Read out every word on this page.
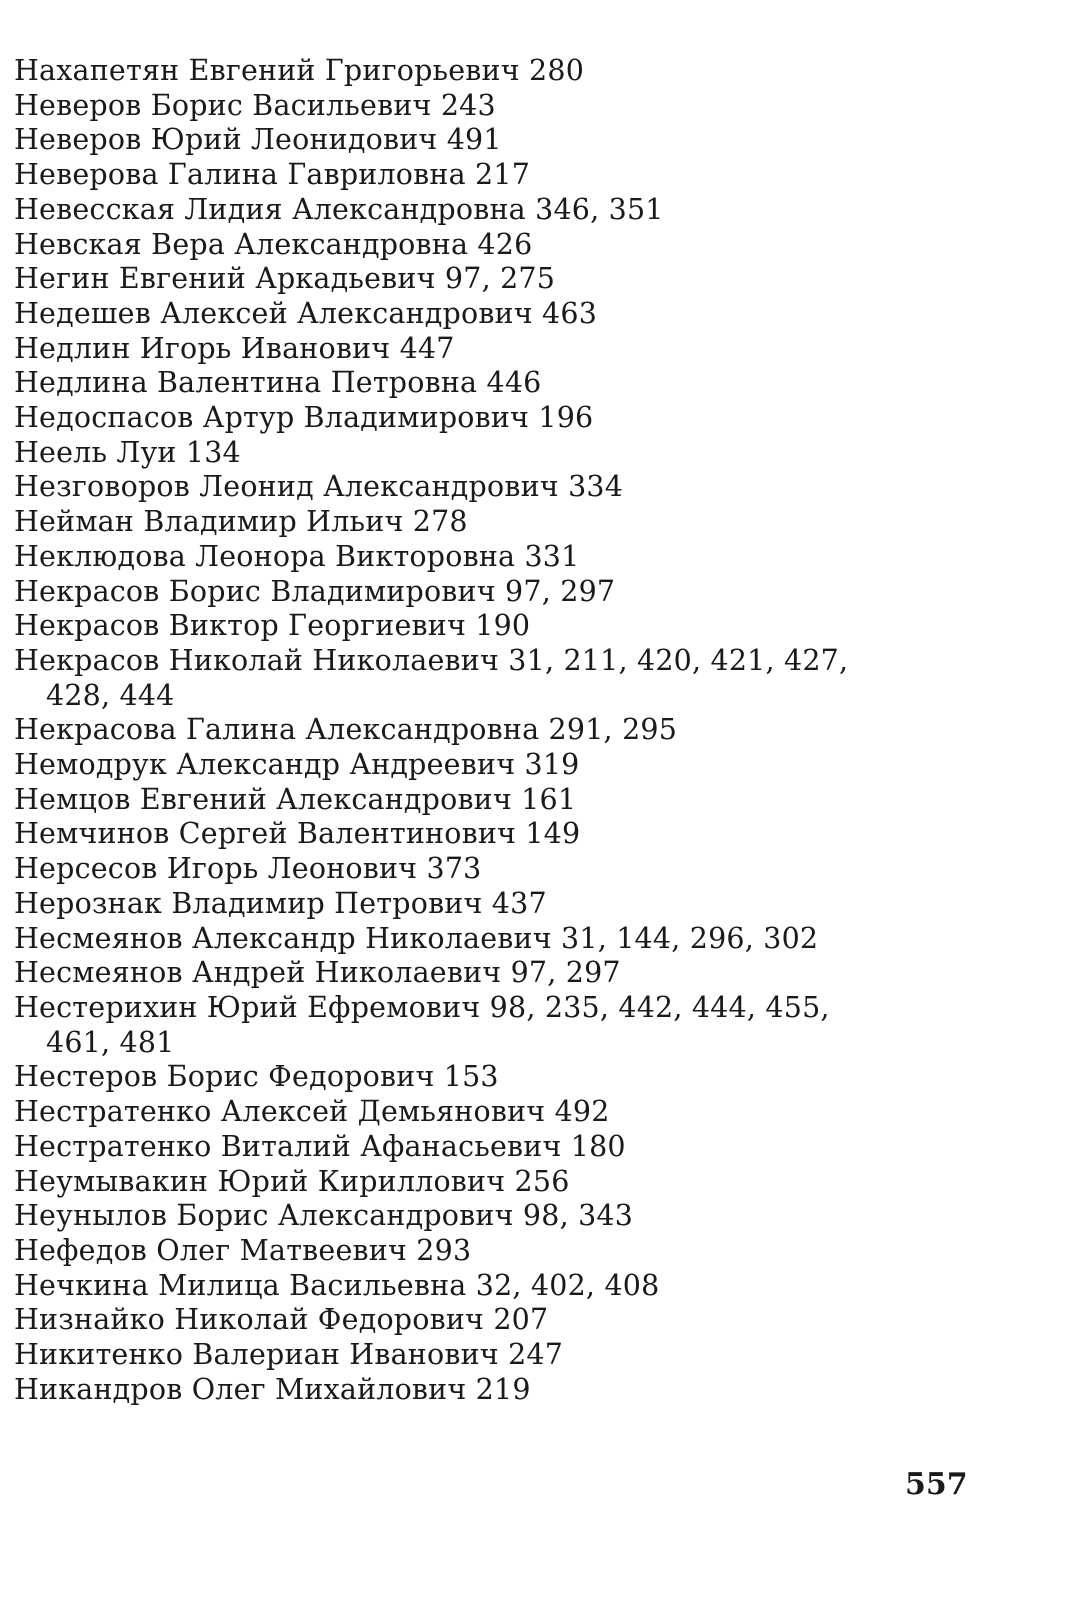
Нахапетян Евгений Григорьевич 280
Неверов Борис Васильевич 243
Неверов Юрий Леонидович 491
Неверова Галина Гавриловна 217
Невесская Лидия Александровна 346, 351
Невская Вера Александровна 426
Негин Евгений Аркадьевич 97, 275
Недешев Алексей Александрович 463
Недлин Игорь Иванович 447
Недлина Валентина Петровна 446
Недоспасов Артур Владимирович 196
Неель Луи 134
Незговоров Леонид Александрович 334
Нейман Владимир Ильич 278
Неклюдова Леонора Викторовна 331
Некрасов Борис Владимирович 97, 297
Некрасов Виктор Георгиевич 190
Некрасов Николай Николаевич 31, 211, 420, 421, 427,
428, 444
Некрасова Галина Александровна 291, 295
Немодрук Александр Андреевич 319
Немцов Евгений Александрович 161
Немчинов Сергей Валентинович 149
Нерсесов Игорь Леонович 373
Нерознак Владимир Петрович 437
Несмеянов Александр Николаевич 31, 144, 296, 302
Несмеянов Андрей Николаевич 97, 297
Нестерихин Юрий Ефремович 98, 235, 442, 444, 455,
461, 481
Нестеров Борис Федорович 153
Нестратенко Алексей Демьянович 492
Нестратенко Виталий Афанасьевич 180
Неумывакин Юрий Кириллович 256
Неунылов Борис Александрович 98, 343
Нефедов Олег Матвеевич 293
Нечкина Милица Васильевна 32, 402, 408
Низнайко Николай Федорович 207
Никитенко Валериан Иванович 247
Никандров Олег Михайлович 219
557
